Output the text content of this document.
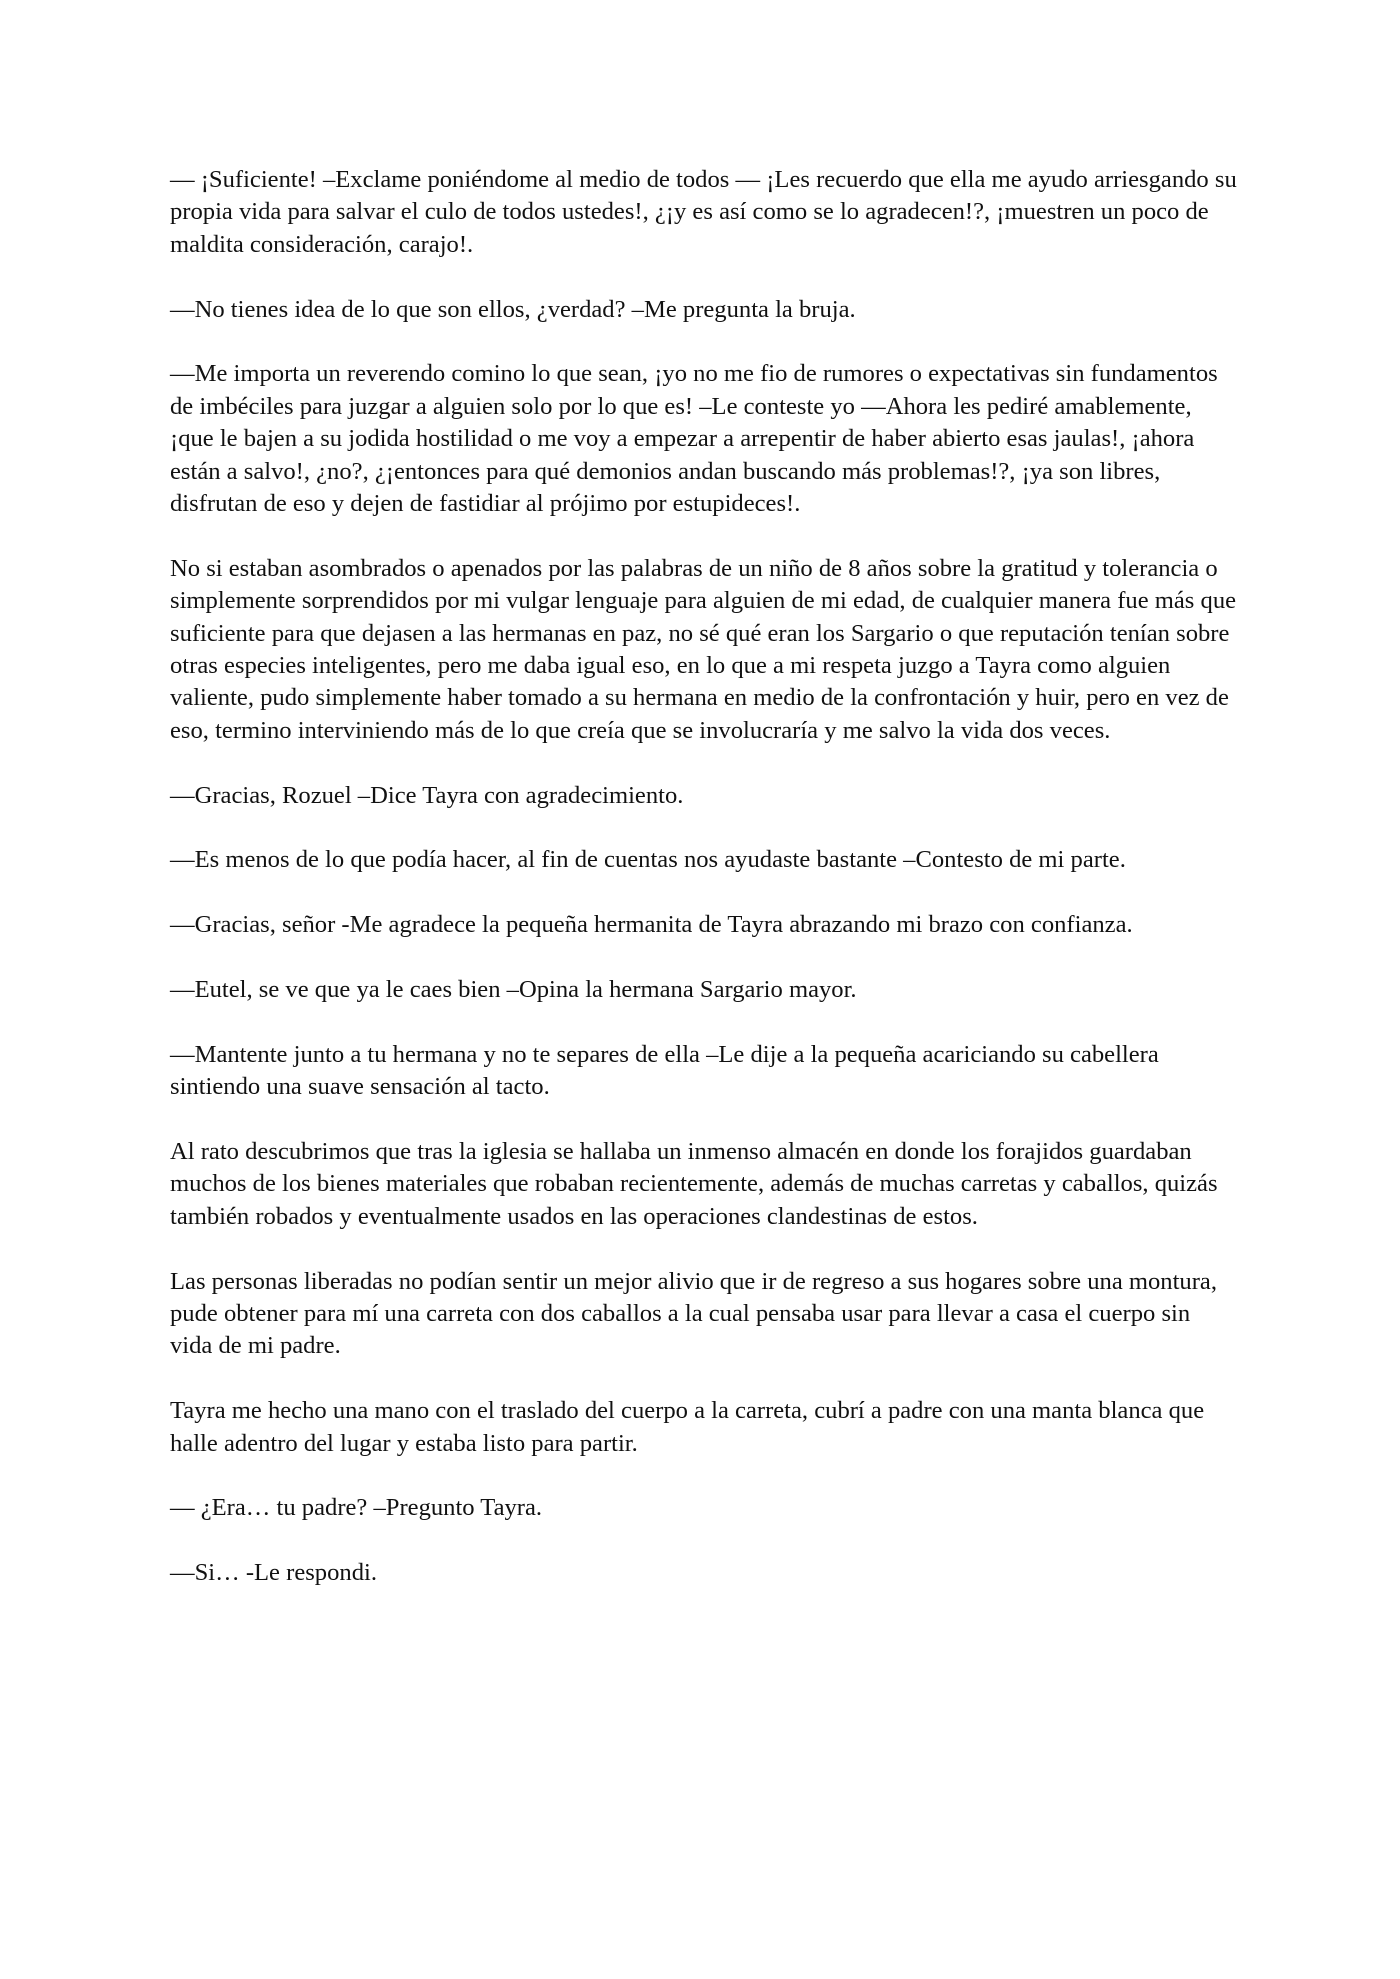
— ¡Suficiente! –Exclame poniéndome al medio de todos — ¡Les recuerdo que ella me ayudo arriesgando su propia vida para salvar el culo de todos ustedes!, ¿¡y es así como se lo agradecen!?, ¡muestren un poco de maldita consideración, carajo!.

—No tienes idea de lo que son ellos, ¿verdad? –Me pregunta la bruja.

—Me importa un reverendo comino lo que sean, ¡yo no me fio de rumores o expectativas sin fundamentos de imbéciles para juzgar a alguien solo por lo que es! –Le conteste yo —Ahora les pediré amablemente, ¡que le bajen a su jodida hostilidad o me voy a empezar a arrepentir de haber abierto esas jaulas!, ¡ahora están a salvo!, ¿no?, ¿¡entonces para qué demonios andan buscando más problemas!?, ¡ya son libres, disfrutan de eso y dejen de fastidiar al prójimo por estupideces!.

No si estaban asombrados o apenados por las palabras de un niño de 8 años sobre la gratitud y tolerancia o simplemente sorprendidos por mi vulgar lenguaje para alguien de mi edad, de cualquier manera fue más que suficiente para que dejasen a las hermanas en paz, no sé qué eran los Sargario o que reputación tenían sobre otras especies inteligentes, pero me daba igual eso, en lo que a mi respeta juzgo a Tayra como alguien valiente, pudo simplemente haber tomado a su hermana en medio de la confrontación y huir, pero en vez de eso, termino interviniendo más de lo que creía que se involucraría y me salvo la vida dos veces.

—Gracias, Rozuel –Dice Tayra con agradecimiento.

—Es menos de lo que podía hacer, al fin de cuentas nos ayudaste bastante –Contesto de mi parte.

—Gracias, señor -Me agradece la pequeña hermanita de Tayra abrazando mi brazo con confianza.

—Eutel, se ve que ya le caes bien –Opina la hermana Sargario mayor.

—Mantente junto a tu hermana y no te separes de ella –Le dije a la pequeña acariciando su cabellera sintiendo una suave sensación al tacto.

Al rato descubrimos que tras la iglesia se hallaba un inmenso almacén en donde los forajidos guardaban muchos de los bienes materiales que robaban recientemente, además de muchas carretas y caballos, quizás también robados y eventualmente usados en las operaciones clandestinas de estos.

Las personas liberadas no podían sentir un mejor alivio que ir de regreso a sus hogares sobre una montura, pude obtener para mí una carreta con dos caballos a la cual pensaba usar para llevar a casa el cuerpo sin vida de mi padre.

Tayra me hecho una mano con el traslado del cuerpo a la carreta, cubrí a padre con una manta blanca que halle adentro del lugar y estaba listo para partir.

— ¿Era… tu padre? –Pregunto Tayra.

—Si… -Le respondi.
